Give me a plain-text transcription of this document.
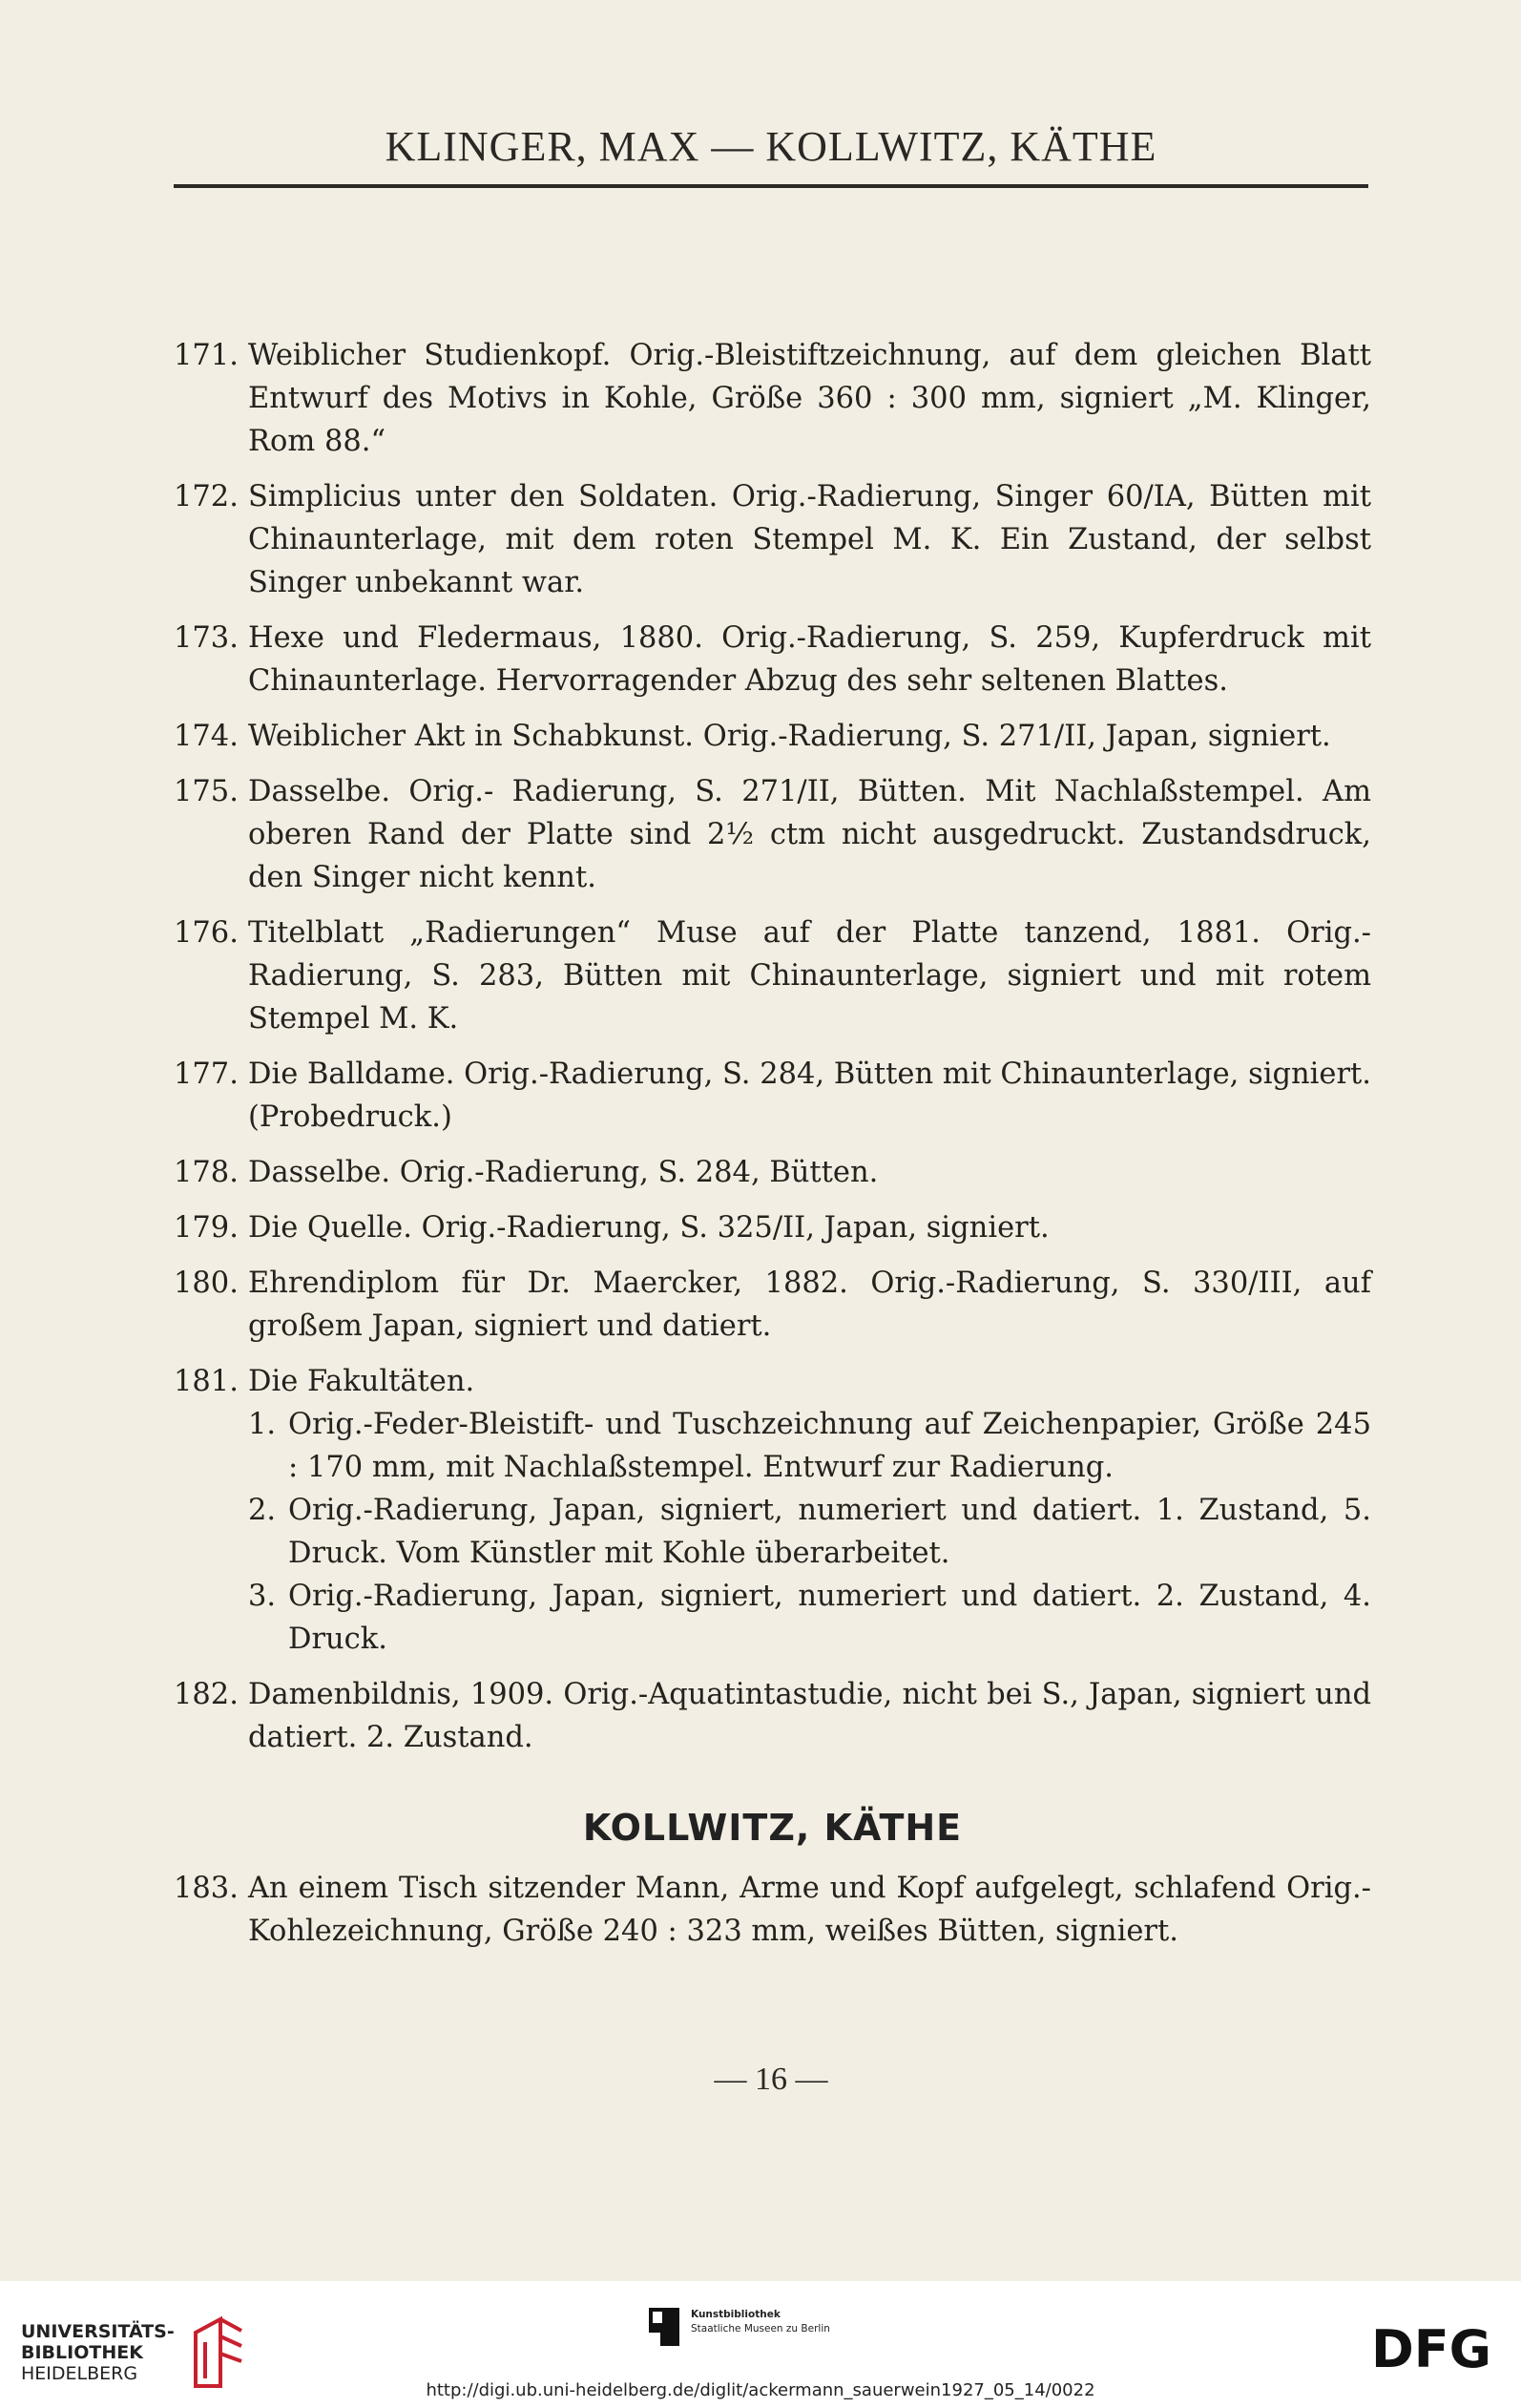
KLINGER, MAX — KOLLWITZ, KÄTHE
171. Weiblicher Studienkopf. Orig.-Bleistiftzeichnung, auf dem gleichen Blatt Entwurf des Motivs in Kohle, Größe 360 : 300 mm, signiert „M. Klinger, Rom 88.“
172. Simplicius unter den Soldaten. Orig.-Radierung, Singer 60/IA, Bütten mit Chinaunterlage, mit dem roten Stempel M. K. Ein Zustand, der selbst Singer unbekannt war.
173. Hexe und Fledermaus, 1880. Orig.-Radierung, S. 259, Kupferdruck mit Chinaunterlage. Hervorragender Abzug des sehr seltenen Blattes.
174. Weiblicher Akt in Schabkunst. Orig.-Radierung, S. 271/II, Japan, signiert.
175. Dasselbe. Orig.- Radierung, S. 271/II, Bütten. Mit Nachlaßstempel. Am oberen Rand der Platte sind 2½ ctm nicht ausgedruckt. Zustandsdruck, den Singer nicht kennt.
176. Titelblatt „Radierungen“ Muse auf der Platte tanzend, 1881. Orig.-Radierung, S. 283, Bütten mit Chinaunterlage, signiert und mit rotem Stempel M. K.
177. Die Balldame. Orig.-Radierung, S. 284, Bütten mit Chinaunterlage, signiert. (Probedruck.)
178. Dasselbe. Orig.-Radierung, S. 284, Bütten.
179. Die Quelle. Orig.-Radierung, S. 325/II, Japan, signiert.
180. Ehrendiplom für Dr. Maercker, 1882. Orig.-Radierung, S. 330/III, auf großem Japan, signiert und datiert.
181. Die Fakultäten.
1. Orig.-Feder-Bleistift- und Tuschzeichnung auf Zeichenpapier, Größe 245 : 170 mm, mit Nachlaßstempel. Entwurf zur Radierung.
2. Orig.-Radierung, Japan, signiert, numeriert und datiert. 1. Zustand, 5. Druck. Vom Künstler mit Kohle überarbeitet.
3. Orig.-Radierung, Japan, signiert, numeriert und datiert. 2. Zustand, 4. Druck.
182. Damenbildnis, 1909. Orig.-Aquatintastudie, nicht bei S., Japan, signiert und datiert. 2. Zustand.
KOLLWITZ, KÄTHE
183. An einem Tisch sitzender Mann, Arme und Kopf aufgelegt, schlafend Orig.-Kohlezeichnung, Größe 240 : 323 mm, weißes Bütten, signiert.
— 16 —
UNIVERSITÄTS-
BIBLIOTHEK
HEIDELBERG
Kunstbibliothek
Staatliche Museen zu Berlin	DFG
http://digi.ub.uni-heidelberg.de/diglit/ackermann_sauerwein1927_05_14/0022
